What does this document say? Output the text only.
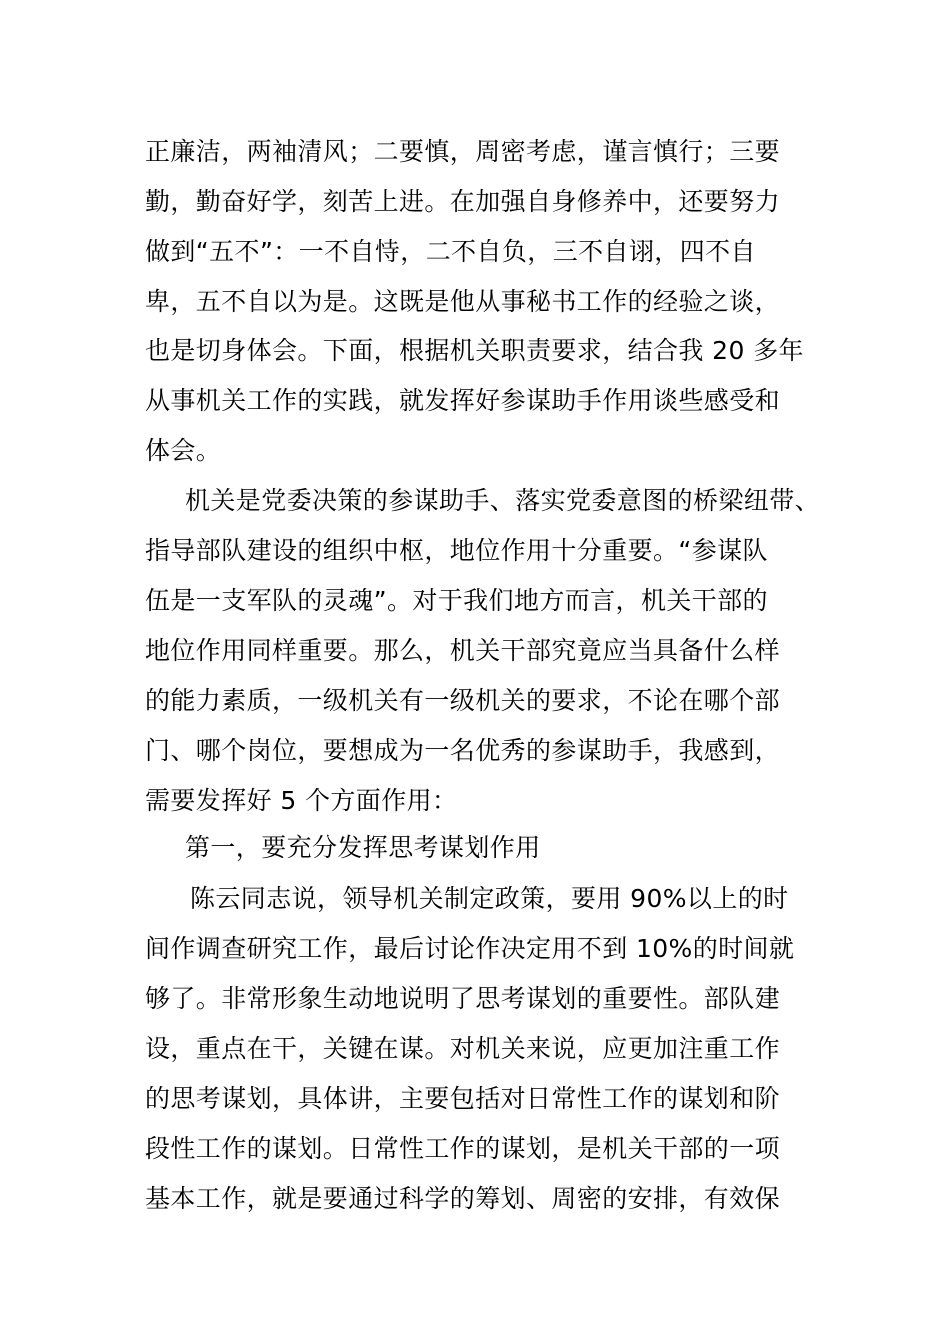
正廉洁，两袖清风；二要慎，周密考虑，谨言慎行；三要
勤，勤奋好学，刻苦上进。在加强自身修养中，还要努力
做到“五不”：一不自恃，二不自负，三不自诩，四不自
卑，五不自以为是。这既是他从事秘书工作的经验之谈，
也是切身体会。下面，根据机关职责要求，结合我 20 多年
从事机关工作的实践，就发挥好参谋助手作用谈些感受和
体会。
机关是党委决策的参谋助手、落实党委意图的桥梁纽带、
指导部队建设的组织中枢，地位作用十分重要。“参谋队
伍是一支军队的灵魂”。对于我们地方而言，机关干部的
地位作用同样重要。那么，机关干部究竟应当具备什么样
的能力素质，一级机关有一级机关的要求，不论在哪个部
门、哪个岗位，要想成为一名优秀的参谋助手，我感到，
需要发挥好 5 个方面作用：
第一，要充分发挥思考谋划作用
陈云同志说，领导机关制定政策，要用 90%以上的时
间作调查研究工作，最后讨论作决定用不到 10%的时间就
够了。非常形象生动地说明了思考谋划的重要性。部队建
设，重点在干，关键在谋。对机关来说，应更加注重工作
的思考谋划，具体讲，主要包括对日常性工作的谋划和阶
段性工作的谋划。日常性工作的谋划，是机关干部的一项
基本工作，就是要通过科学的筹划、周密的安排，有效保
